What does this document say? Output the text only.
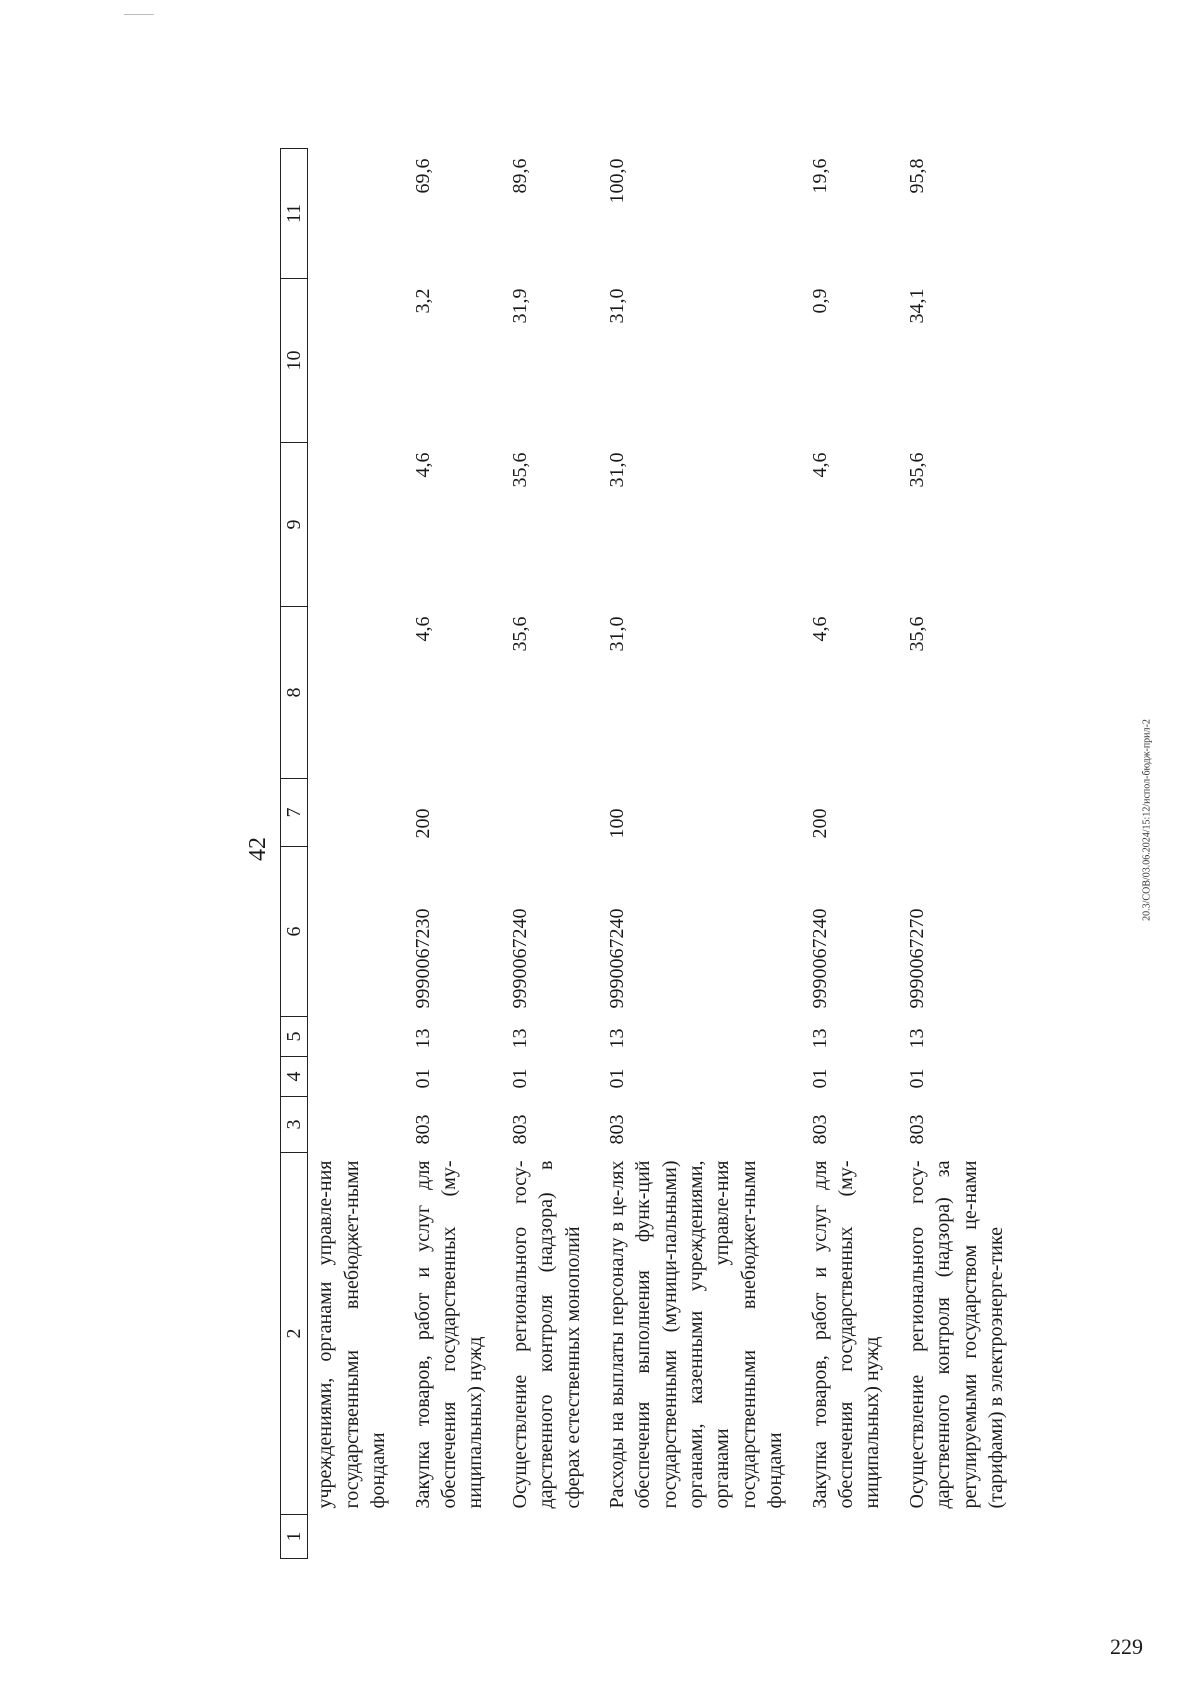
42
1	2	3	4	5	6	7	8	9	10	11
	учреждениями, органами управле-ния государственными внебюджет-ными фондами									
	Закупка товаров, работ и услуг для обеспечения государственных (му-ниципальных) нужд	803	01	13	9990067230	200	4,6	4,6	3,2	69,6
	Осуществление регионального госу-дарственного контроля (надзора) в сферах естественных монополий	803	01	13	9990067240		35,6	35,6	31,9	89,6
	Расходы на выплаты персоналу в це-лях обеспечения выполнения функ-ций государственными (муници-пальными) органами, казенными учреждениями, органами управле-ния государственными внебюджет-ными фондами	803	01	13	9990067240	100	31,0	31,0	31,0	100,0
	Закупка товаров, работ и услуг для обеспечения государственных (му-ниципальных) нужд	803	01	13	9990067240	200	4,6	4,6	0,9	19,6
	Осуществление регионального госу-дарственного контроля (надзора) за регулируемыми государством це-нами (тарифами) в электроэнерге-тике	803	01	13	9990067270		35,6	35,6	34,1	95,8
20.3/СОВ/03.06.2024/15:12/испол-бюдж-прил-2
229
